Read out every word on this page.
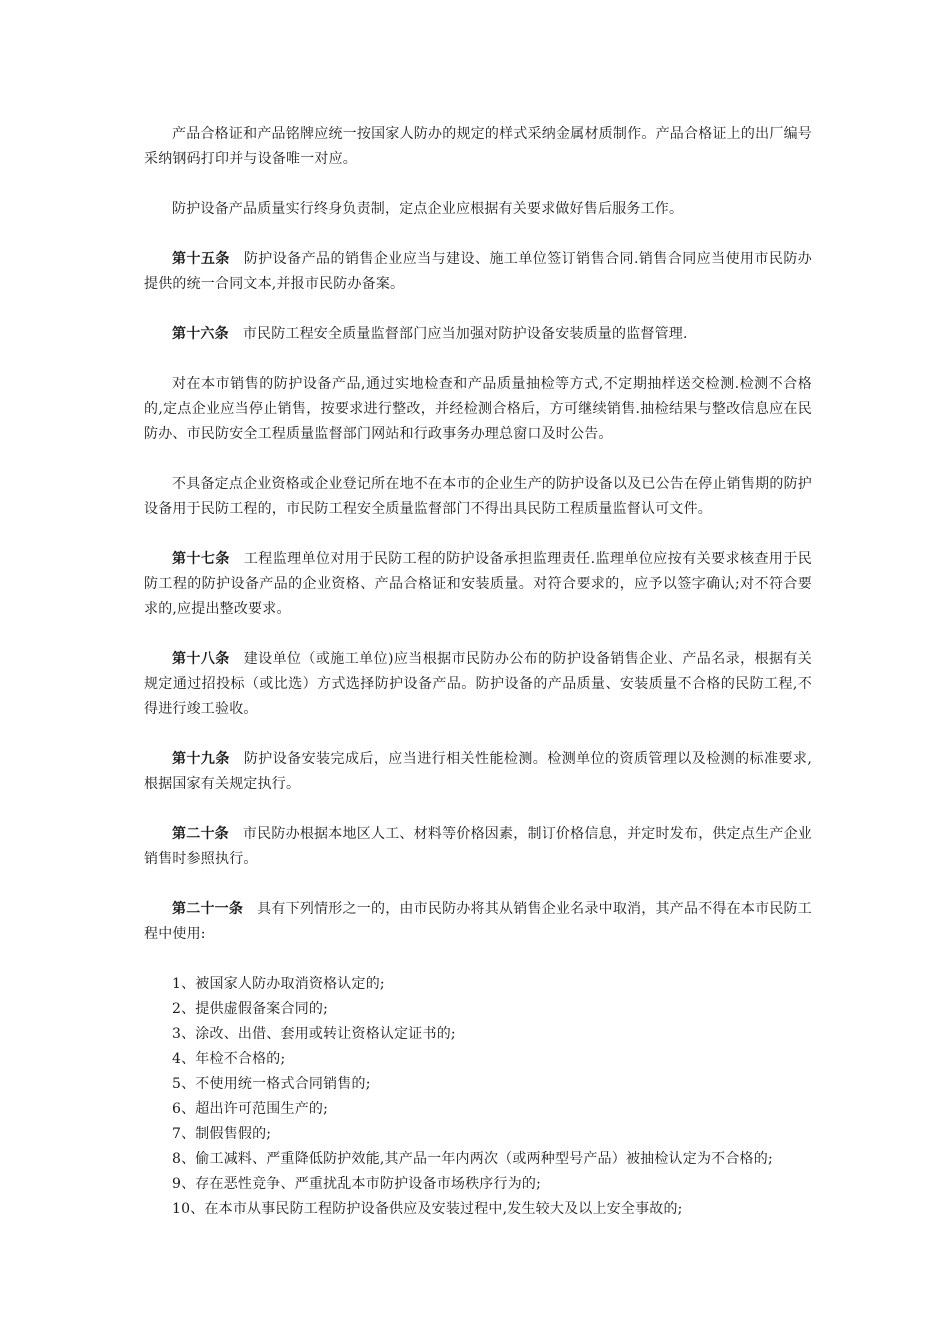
产品合格证和产品铭牌应统一按国家人防办的规定的样式采纳金属材质制作。产品合格证上的出厂编号采纳钢码打印并与设备唯一对应。

防护设备产品质量实行终身负责制，定点企业应根据有关要求做好售后服务工作。

第十五条 防护设备产品的销售企业应当与建设、施工单位签订销售合同.销售合同应当使用市民防办提供的统一合同文本,并报市民防办备案。

第十六条 市民防工程安全质量监督部门应当加强对防护设备安装质量的监督管理.

对在本市销售的防护设备产品,通过实地检查和产品质量抽检等方式,不定期抽样送交检测.检测不合格的,定点企业应当停止销售，按要求进行整改，并经检测合格后，方可继续销售.抽检结果与整改信息应在民防办、市民防安全工程质量监督部门网站和行政事务办理总窗口及时公告。

不具备定点企业资格或企业登记所在地不在本市的企业生产的防护设备以及已公告在停止销售期的防护设备用于民防工程的，市民防工程安全质量监督部门不得出具民防工程质量监督认可文件。

第十七条 工程监理单位对用于民防工程的防护设备承担监理责任.监理单位应按有关要求核查用于民防工程的防护设备产品的企业资格、产品合格证和安装质量。对符合要求的，应予以签字确认;对不符合要求的,应提出整改要求。

第十八条 建设单位（或施工单位)应当根据市民防办公布的防护设备销售企业、产品名录，根据有关规定通过招投标（或比选）方式选择防护设备产品。防护设备的产品质量、安装质量不合格的民防工程,不得进行竣工验收。

第十九条 防护设备安装完成后，应当进行相关性能检测。检测单位的资质管理以及检测的标准要求,根据国家有关规定执行。

第二十条 市民防办根据本地区人工、材料等价格因素，制订价格信息，并定时发布，供定点生产企业销售时参照执行。

第二十一条 具有下列情形之一的，由市民防办将其从销售企业名录中取消，其产品不得在本市民防工程中使用:

1、被国家人防办取消资格认定的;
2、提供虚假备案合同的;
3、涂改、出借、套用或转让资格认定证书的;
4、年检不合格的;
5、不使用统一格式合同销售的;
6、超出许可范围生产的;
7、制假售假的;
8、偷工减料、严重降低防护效能,其产品一年内两次（或两种型号产品）被抽检认定为不合格的;
9、存在恶性竞争、严重扰乱本市防护设备市场秩序行为的;
10、在本市从事民防工程防护设备供应及安装过程中,发生较大及以上安全事故的;
